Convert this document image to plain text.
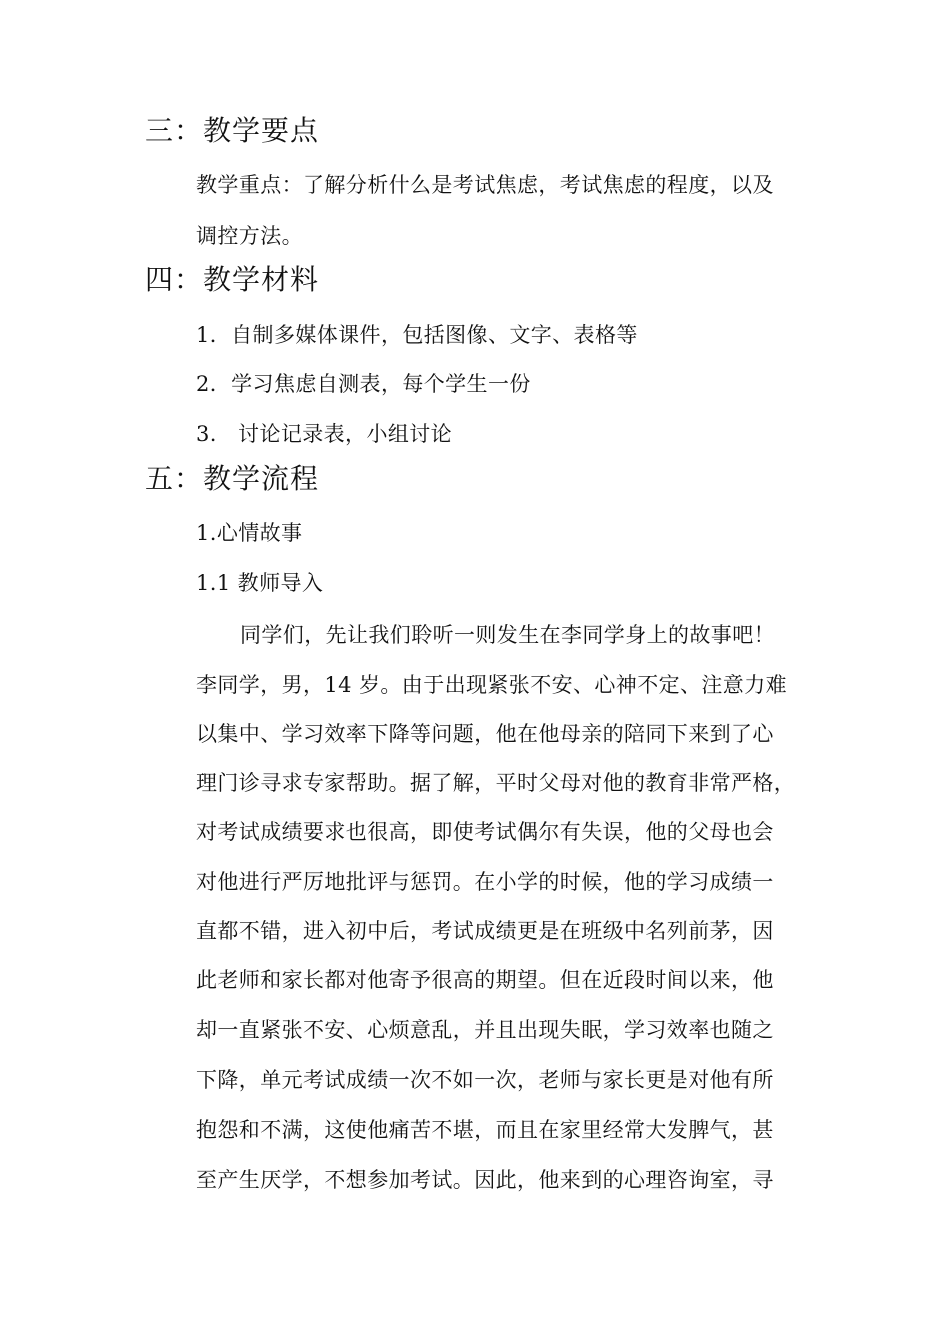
三：教学要点
教学重点：了解分析什么是考试焦虑，考试焦虑的程度，以及
调控方法。
四：教学材料
1．自制多媒体课件，包括图像、文字、表格等
2．学习焦虑自测表，每个学生一份
3.   讨论记录表，小组讨论
五：教学流程
1.心情故事
1.1 教师导入
同学们，先让我们聆听一则发生在李同学身上的故事吧！
李同学，男，14 岁。由于出现紧张不安、心神不定、注意力难
以集中、学习效率下降等问题，他在他母亲的陪同下来到了心
理门诊寻求专家帮助。据了解，平时父母对他的教育非常严格，
对考试成绩要求也很高，即使考试偶尔有失误，他的父母也会
对他进行严厉地批评与惩罚。在小学的时候，他的学习成绩一
直都不错，进入初中后，考试成绩更是在班级中名列前茅，因
此老师和家长都对他寄予很高的期望。但在近段时间以来，他
却一直紧张不安、心烦意乱，并且出现失眠，学习效率也随之
下降，单元考试成绩一次不如一次，老师与家长更是对他有所
抱怨和不满，这使他痛苦不堪，而且在家里经常大发脾气，甚
至产生厌学，不想参加考试。因此，他来到的心理咨询室，寻
